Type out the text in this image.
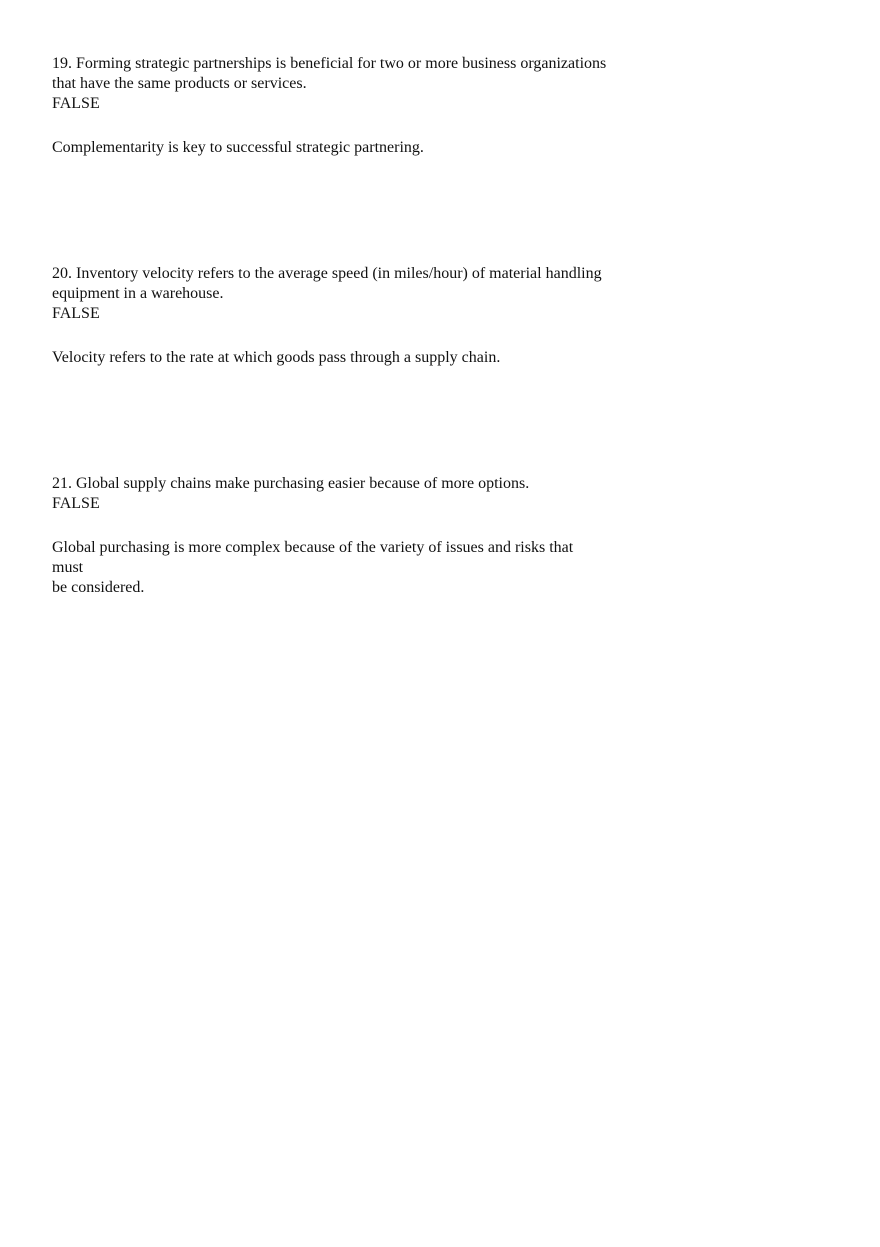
19. Forming strategic partnerships is beneficial for two or more business organizations
that have the same products or services.
FALSE
Complementarity is key to successful strategic partnering.
20. Inventory velocity refers to the average speed (in miles/hour) of material handling
equipment in a warehouse.
FALSE
Velocity refers to the rate at which goods pass through a supply chain.
21. Global supply chains make purchasing easier because of more options.
FALSE
Global purchasing is more complex because of the variety of issues and risks that
must
be considered.
